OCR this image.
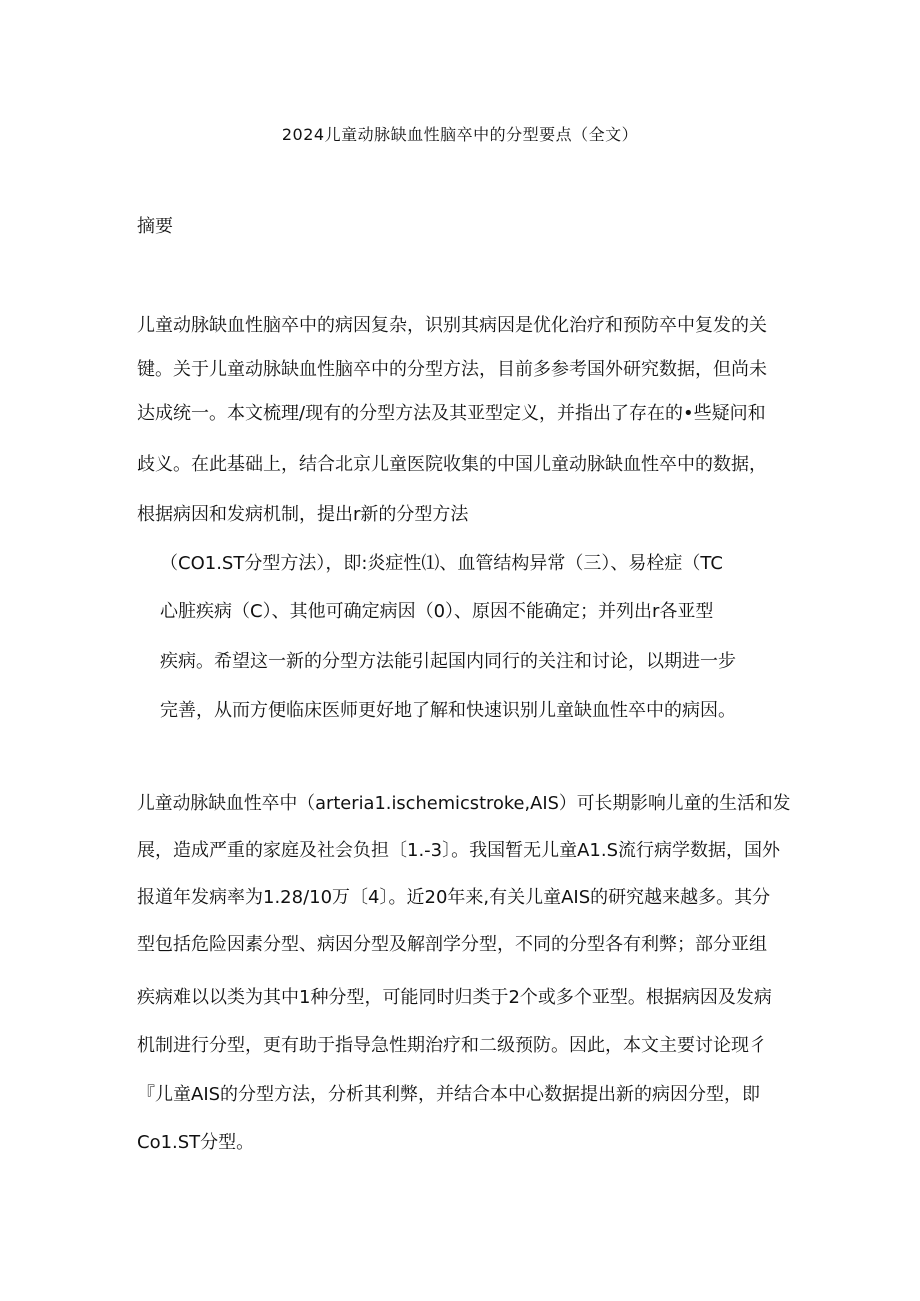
2024儿童动脉缺血性脑卒中的分型要点（全文）
摘要
儿童动脉缺血性脑卒中的病因复杂，识别其病因是优化治疗和预防卒中复发的关
键。关于儿童动脉缺血性脑卒中的分型方法，目前多参考国外研究数据，但尚未
达成统一。本文梳理/现有的分型方法及其亚型定义，并指出了存在的•些疑问和
歧义。在此基础上，结合北京儿童医院收集的中国儿童动脉缺血性卒中的数据，
根据病因和发病机制，提出r新的分型方法
（CO1.ST分型方法），即:炎症性⑴、血管结构异常（三）、易栓症（TC
心脏疾病（C）、其他可确定病因（0）、原因不能确定；并列出r各亚型
疾病。希望这一新的分型方法能引起国内同行的关注和讨论，以期进一步
完善，从而方便临床医师更好地了解和快速识别儿童缺血性卒中的病因。
儿童动脉缺血性卒中（arteria1.ischemicstroke,AIS）可长期影响儿童的生活和发
展，造成严重的家庭及社会负担〔1.-3〕。我国暂无儿童A1.S流行病学数据，国外
报道年发病率为1.28/10万〔4〕。近20年来,有关儿童AIS的研究越来越多。其分
型包括危险因素分型、病因分型及解剖学分型，不同的分型各有利弊；部分亚组
疾病难以以类为其中1种分型，可能同时归类于2个或多个亚型。根据病因及发病
机制进行分型，更有助于指导急性期治疗和二级预防。因此，本文主要讨论现彳
『儿童AIS的分型方法，分析其利弊，并结合本中心数据提出新的病因分型，即
Co1.ST分型。
